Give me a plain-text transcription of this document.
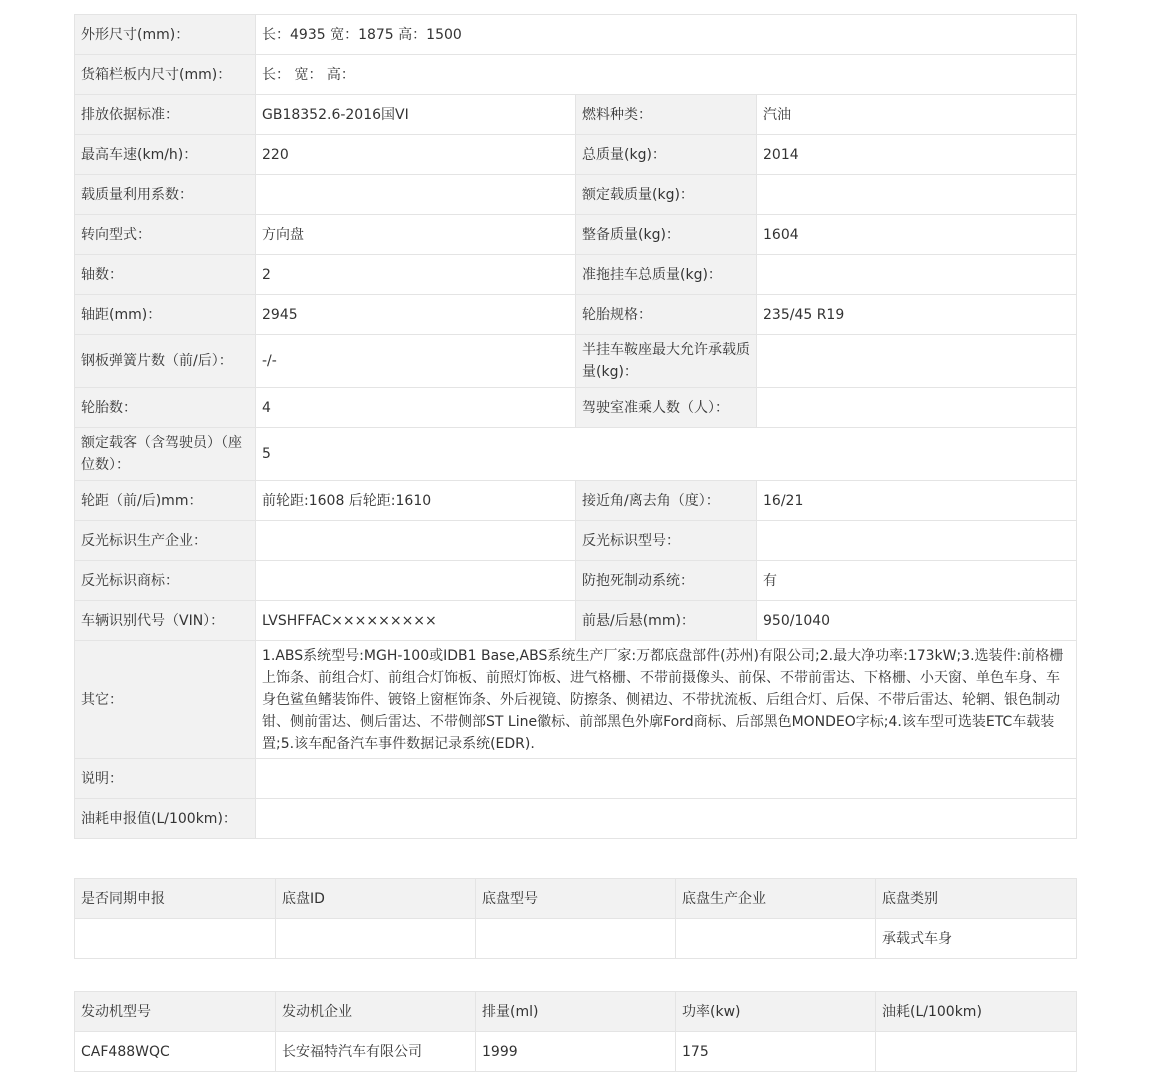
外形尺寸(mm)：	长：4935 宽：1875 高：1500		
货箱栏板内尺寸(mm)：	长： 宽： 高：		
排放依据标准：	GB18352.6-2016国VI	燃料种类：	汽油
最高车速(km/h)：	220	总质量(kg)：	2014
载质量利用系数：		额定载质量(kg)：	
转向型式：	方向盘	整备质量(kg)：	1604
轴数：	2	准拖挂车总质量(kg)：	
轴距(mm)：	2945	轮胎规格：	235/45 R19
钢板弹簧片数（前/后）：	-/-	半挂车鞍座最大允许承载质量(kg)：	
轮胎数：	4	驾驶室准乘人数（人）：	
额定载客（含驾驶员）（座位数）：	5		
轮距（前/后)mm：	前轮距:1608 后轮距:1610	接近角/离去角（度）：	16/21
反光标识生产企业：		反光标识型号：	
反光标识商标：		防抱死制动系统：	有
车辆识别代号（VIN）：	LVSHFFAC×××××××××	前悬/后悬(mm)：	950/1040
其它：	1.ABS系统型号:MGH-100或IDB1 Base,ABS系统生产厂家:万都底盘部件(苏州)有限公司;2.最大净功率:173kW;3.选装件:前格栅上饰条、前组合灯、前组合灯饰板、前照灯饰板、进气格栅、不带前摄像头、前保、不带前雷达、下格栅、小天窗、单色车身、车身色鲨鱼鳍装饰件、镀铬上窗框饰条、外后视镜、防擦条、侧裙边、不带扰流板、后组合灯、后保、不带后雷达、轮辋、银色制动钳、侧前雷达、侧后雷达、不带侧部ST Line徽标、前部黑色外廓Ford商标、后部黑色MONDEO字标;4.该车型可选装ETC车载装置;5.该车配备汽车事件数据记录系统(EDR).		
说明：			
油耗申报值(L/100km)：			
是否同期申报	底盘ID	底盘型号	底盘生产企业	底盘类别
				承载式车身
发动机型号	发动机企业	排量(ml)	功率(kw)	油耗(L/100km)
CAF488WQC	长安福特汽车有限公司	1999	175	
